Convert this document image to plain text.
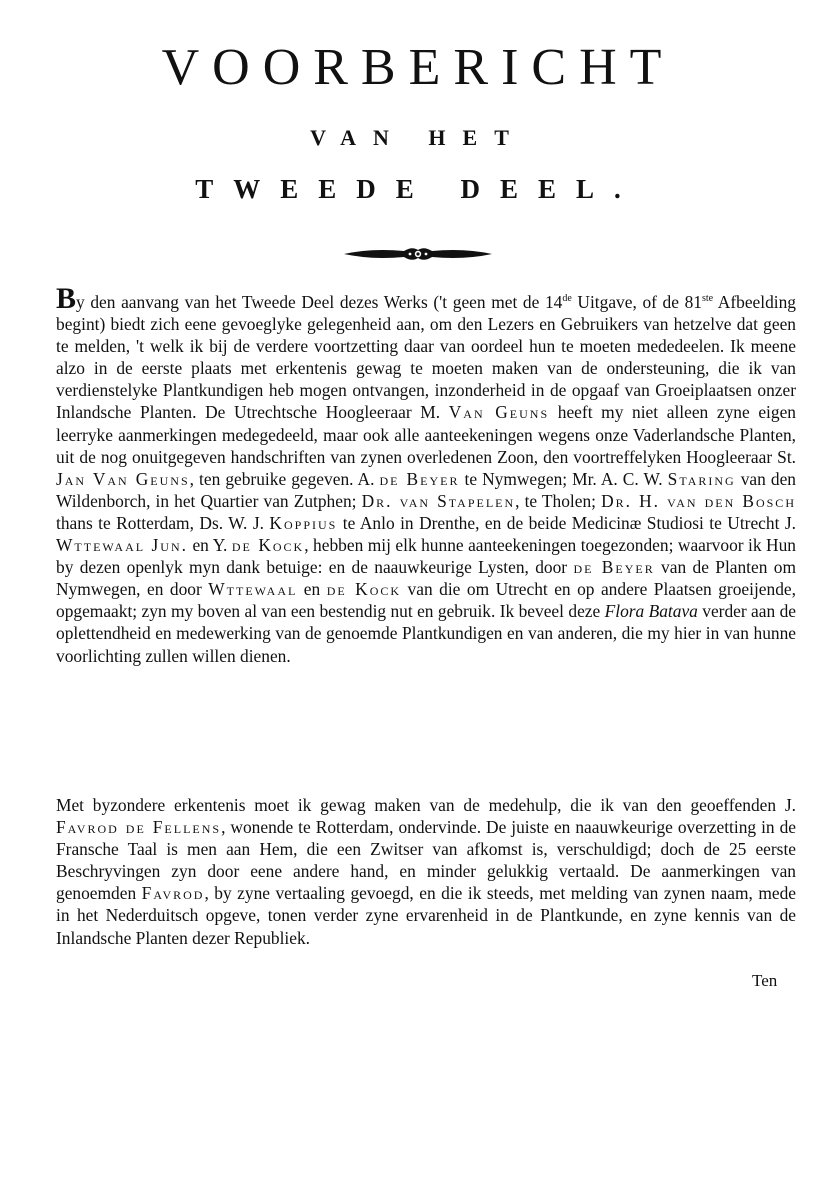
VOORBERICHT
VAN HET
TWEEDE DEEL.

By den aanvang van het Tweede Deel dezes Werks ('t geen met de 14de Uitgave, of de 81ste Afbeelding begint) biedt zich eene gevoeglyke gelegenheid aan, om den Lezers en Gebruikers van hetzelve dat geen te melden, 't welk ik bij de verdere voortzetting daar van oordeel hun te moeten mededeelen. Ik meene alzo in de eerste plaats met erkentenis gewag te moeten maken van de ondersteuning, die ik van verdienstelyke Plantkundigen heb mogen ontvangen, inzonderheid in de opgaaf van Groeiplaatsen onzer Inlandsche Planten. De Utrechtsche Hoogleeraar M. Van Geuns heeft my niet alleen zyne eigen leerryke aanmerkingen medegedeeld, maar ook alle aanteekeningen wegens onze Vaderlandsche Planten, uit de nog onuitgegeven handschriften van zynen overledenen Zoon, den voortreffelyken Hoogleeraar St. Jan Van Geuns, ten gebruike gegeven. A. de Beyer te Nymwegen; Mr. A. C. W. Staring van den Wildenborch, in het Quartier van Zutphen; Dr. van Stapelen, te Tholen; Dr. H. van den Bosch thans te Rotterdam, Ds. W. J. Koppius te Anlo in Drenthe, en de beide Medicinæ Studiosi te Utrecht J. Wttewaal Jun. en Y. de Kock, hebben mij elk hunne aanteekeningen toegezonden; waarvoor ik Hun by dezen openlyk myn dank betuige: en de naauwkeurige Lysten, door de Beyer van de Planten om Nymwegen, en door Wttewaal en de Kock van die om Utrecht en op andere Plaatsen groeijende, opgemaakt; zyn my boven al van een bestendig nut en gebruik. Ik beveel deze Flora Batava verder aan de oplettendheid en medewerking van de genoemde Plantkundigen en van anderen, die my hier in van hunne voorlichting zullen willen dienen.

Met byzondere erkentenis moet ik gewag maken van de medehulp, die ik van den geoeffenden J. Favrod de Fellens, wonende te Rotterdam, ondervinde. De juiste en naauwkeurige overzetting in de Fransche Taal is men aan Hem, die een Zwitser van afkomst is, verschuldigd; doch de 25 eerste Beschryvingen zyn door eene andere hand, en minder gelukkig vertaald. De aanmerkingen van genoemden Favrod, by zyne vertaaling gevoegd, en die ik steeds, met melding van zynen naam, mede in het Nederduitsch opgeve, tonen verder zyne ervarenheid in de Plantkunde, en zyne kennis van de Inlandsche Planten dezer Republiek.

Ten
